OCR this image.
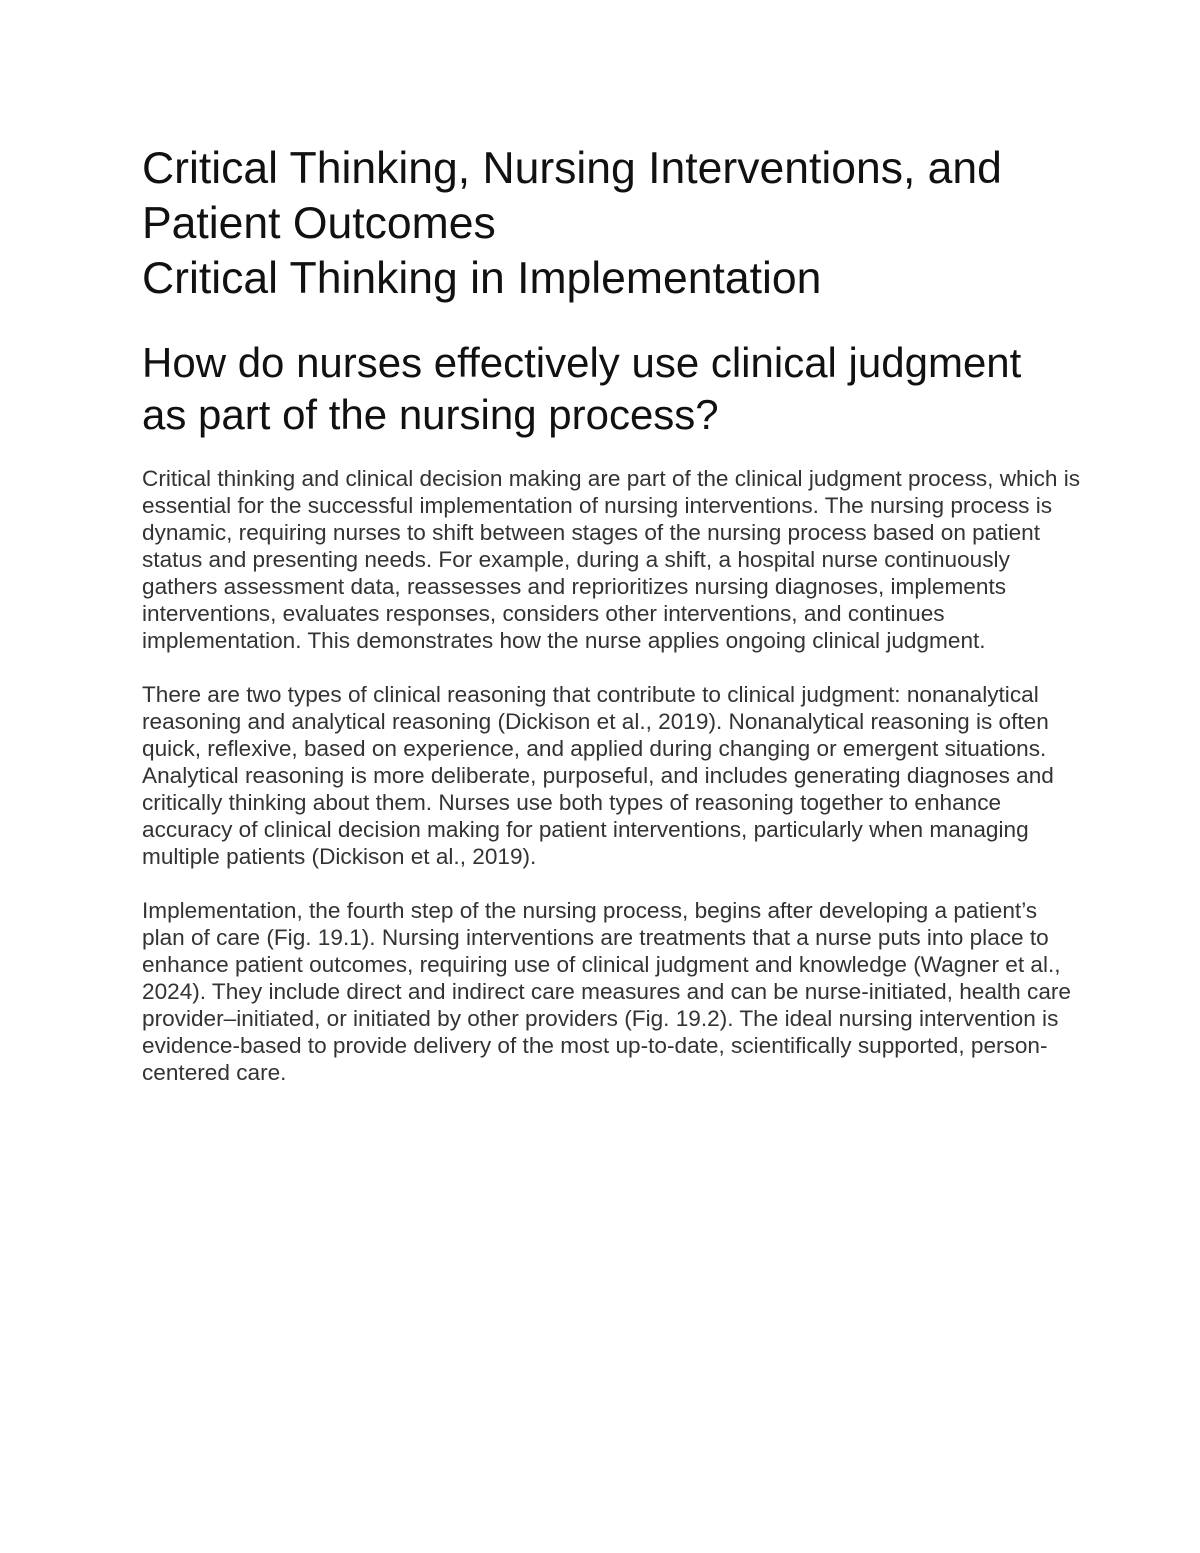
Critical Thinking, Nursing Interventions, and Patient Outcomes
Critical Thinking in Implementation
How do nurses effectively use clinical judgment as part of the nursing process?

Critical thinking and clinical decision making are part of the clinical judgment process, which is essential for the successful implementation of nursing interventions. The nursing process is dynamic, requiring nurses to shift between stages of the nursing process based on patient status and presenting needs. For example, during a shift, a hospital nurse continuously gathers assessment data, reassesses and reprioritizes nursing diagnoses, implements interventions, evaluates responses, considers other interventions, and continues implementation. This demonstrates how the nurse applies ongoing clinical judgment.

There are two types of clinical reasoning that contribute to clinical judgment: nonanalytical reasoning and analytical reasoning (Dickison et al., 2019). Nonanalytical reasoning is often quick, reflexive, based on experience, and applied during changing or emergent situations. Analytical reasoning is more deliberate, purposeful, and includes generating diagnoses and critically thinking about them. Nurses use both types of reasoning together to enhance accuracy of clinical decision making for patient interventions, particularly when managing multiple patients (Dickison et al., 2019).

Implementation, the fourth step of the nursing process, begins after developing a patient’s plan of care (Fig. 19.1). Nursing interventions are treatments that a nurse puts into place to enhance patient outcomes, requiring use of clinical judgment and knowledge (Wagner et al., 2024). They include direct and indirect care measures and can be nurse-initiated, health care provider–initiated, or initiated by other providers (Fig. 19.2). The ideal nursing intervention is evidence-based to provide delivery of the most up-to-date, scientifically supported, person-centered care.
